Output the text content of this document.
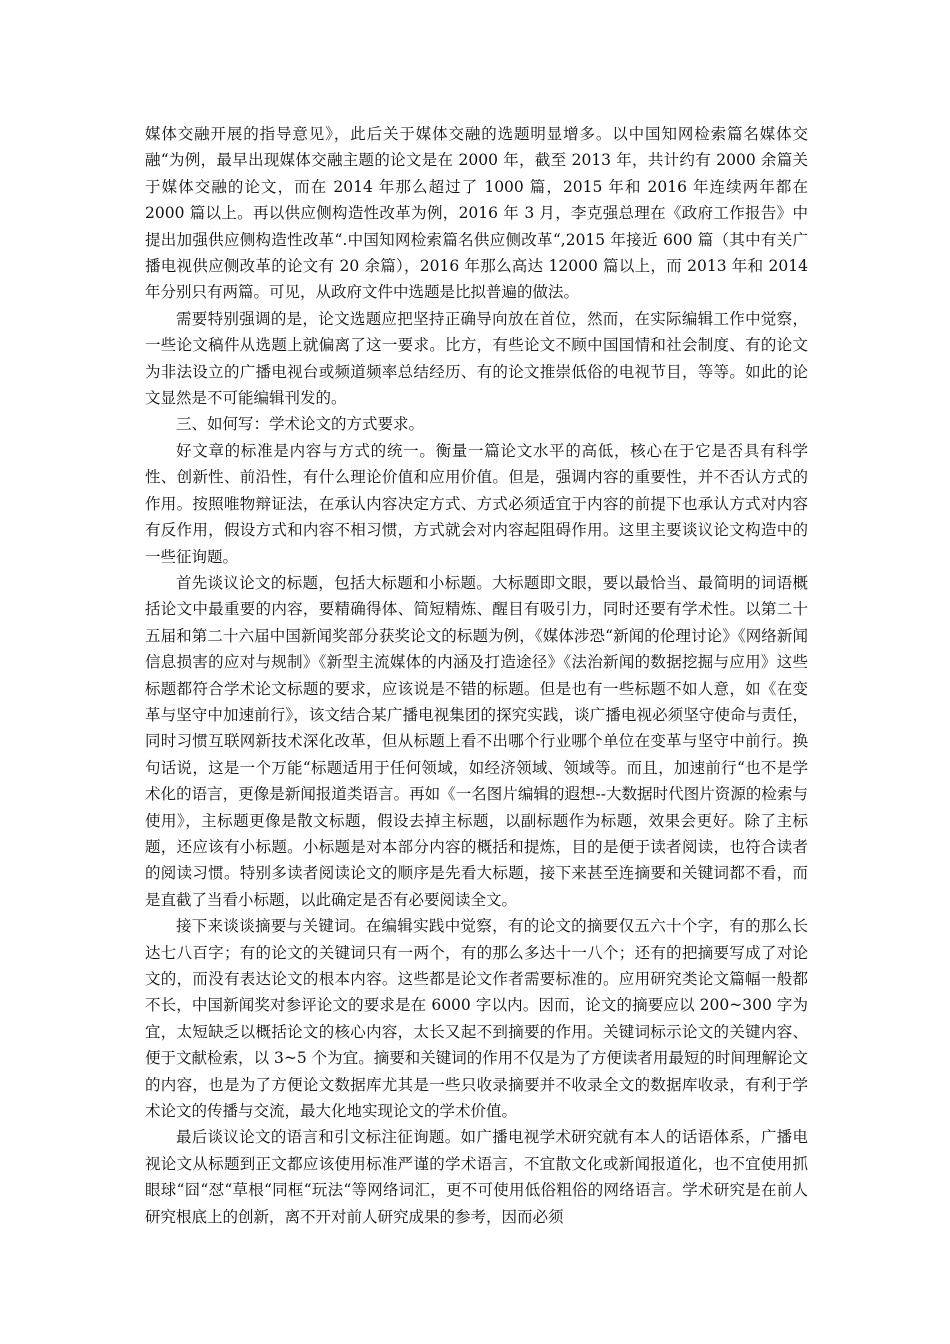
媒体交融开展的指导意见》，此后关于媒体交融的选题明显增多。以中国知网检索篇名媒体交融“为例，最早出现媒体交融主题的论文是在 2000 年，截至 2013 年，共计约有 2000 余篇关于媒体交融的论文，而在 2014 年那么超过了 1000 篇，2015 年和 2016 年连续两年都在 2000 篇以上。再以供应侧构造性改革为例，2016 年 3 月，李克强总理在《政府工作报告》中提出加强供应侧构造性改革“.中国知网检索篇名供应侧改革“,2015 年接近 600 篇（其中有关广播电视供应侧改革的论文有 20 余篇），2016 年那么高达 12000 篇以上，而 2013 年和 2014 年分别只有两篇。可见，从政府文件中选题是比拟普遍的做法。

需要特别强调的是，论文选题应把坚持正确导向放在首位，然而，在实际编辑工作中觉察，一些论文稿件从选题上就偏离了这一要求。比方，有些论文不顾中国国情和社会制度、有的论文为非法设立的广播电视台或频道频率总结经历、有的论文推崇低俗的电视节目，等等。如此的论文显然是不可能编辑刊发的。

三、如何写：学术论文的方式要求。

好文章的标准是内容与方式的统一。衡量一篇论文水平的高低，核心在于它是否具有科学性、创新性、前沿性，有什么理论价值和应用价值。但是，强调内容的重要性，并不否认方式的作用。按照唯物辩证法，在承认内容决定方式、方式必须适宜于内容的前提下也承认方式对内容有反作用，假设方式和内容不相习惯，方式就会对内容起阻碍作用。这里主要谈议论文构造中的一些征询题。

首先谈议论文的标题，包括大标题和小标题。大标题即文眼，要以最恰当、最简明的词语概括论文中最重要的内容，要精确得体、简短精炼、醒目有吸引力，同时还要有学术性。以第二十五届和第二十六届中国新闻奖部分获奖论文的标题为例，《媒体涉恐“新闻的伦理讨论》《网络新闻信息损害的应对与规制》《新型主流媒体的内涵及打造途径》《法治新闻的数据挖掘与应用》这些标题都符合学术论文标题的要求，应该说是不错的标题。但是也有一些标题不如人意，如《在变革与坚守中加速前行》，该文结合某广播电视集团的探究实践，谈广播电视必须坚守使命与责任，同时习惯互联网新技术深化改革，但从标题上看不出哪个行业哪个单位在变革与坚守中前行。换句话说，这是一个万能“标题适用于任何领域，如经济领域、领域等。而且，加速前行“也不是学术化的语言，更像是新闻报道类语言。再如《一名图片编辑的遐想--大数据时代图片资源的检索与使用》，主标题更像是散文标题，假设去掉主标题，以副标题作为标题，效果会更好。除了主标题，还应该有小标题。小标题是对本部分内容的概括和提炼，目的是便于读者阅读，也符合读者的阅读习惯。特别多读者阅读论文的顺序是先看大标题，接下来甚至连摘要和关键词都不看，而是直截了当看小标题，以此确定是否有必要阅读全文。

接下来谈谈摘要与关键词。在编辑实践中觉察，有的论文的摘要仅五六十个字，有的那么长达七八百字；有的论文的关键词只有一两个，有的那么多达十一八个；还有的把摘要写成了对论文的，而没有表达论文的根本内容。这些都是论文作者需要标准的。应用研究类论文篇幅一般都不长，中国新闻奖对参评论文的要求是在 6000 字以内。因而，论文的摘要应以 200~300 字为宜，太短缺乏以概括论文的核心内容，太长又起不到摘要的作用。关键词标示论文的关键内容、便于文献检索，以 3~5 个为宜。摘要和关键词的作用不仅是为了方便读者用最短的时间理解论文的内容，也是为了方便论文数据库尤其是一些只收录摘要并不收录全文的数据库收录，有利于学术论文的传播与交流，最大化地实现论文的学术价值。

最后谈议论文的语言和引文标注征询题。如广播电视学术研究就有本人的话语体系，广播电视论文从标题到正文都应该使用标准严谨的学术语言，不宜散文化或新闻报道化，也不宜使用抓眼球“囧“怼“草根“同框“玩法“等网络词汇，更不可使用低俗粗俗的网络语言。学术研究是在前人研究根底上的创新，离不开对前人研究成果的参考，因而必须
